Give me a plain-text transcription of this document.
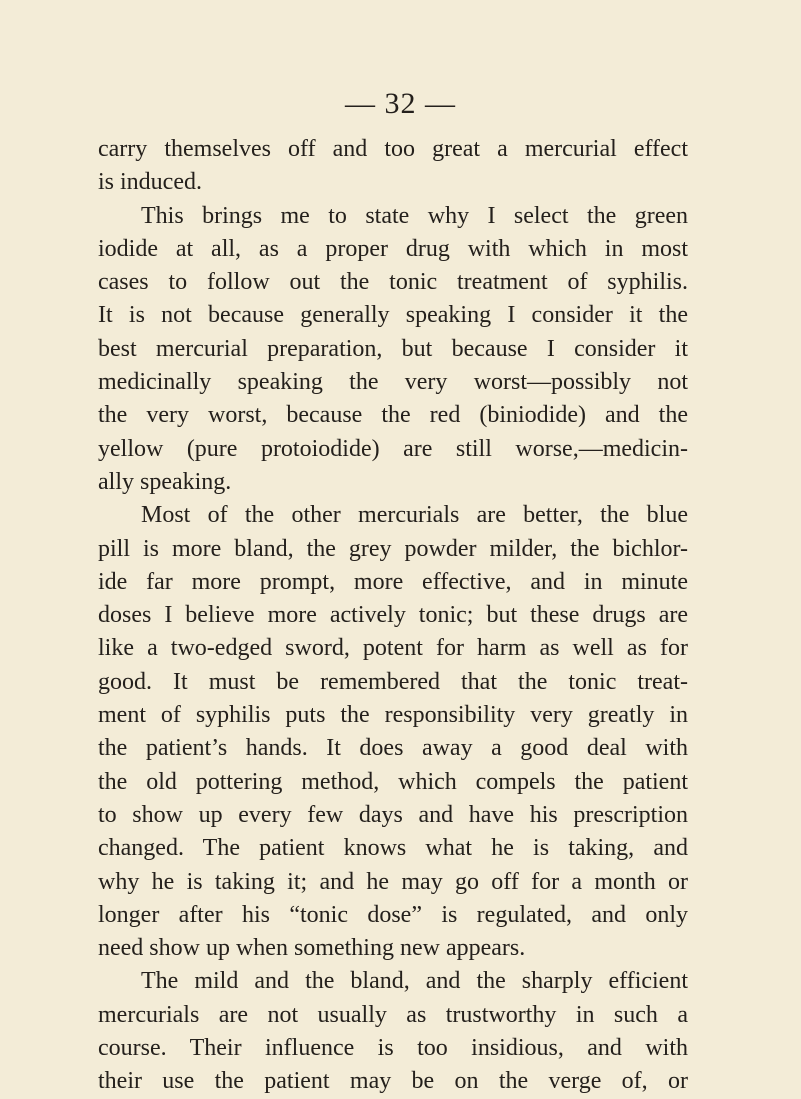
— 32 —
carry themselves off and too great a mercurial effect
is induced.
This brings me to state why I select the green
iodide at all, as a proper drug with which in most
cases to follow out the tonic treatment of syphilis.
It is not because generally speaking I consider it the
best mercurial preparation, but because I consider it
medicinally speaking the very worst—possibly not
the very worst, because the red (biniodide) and the
yellow (pure protoiodide) are still worse,—medicin-
ally speaking.
Most of the other mercurials are better, the blue
pill is more bland, the grey powder milder, the bichlor-
ide far more prompt, more effective, and in minute
doses I believe more actively tonic; but these drugs are
like a two-edged sword, potent for harm as well as for
good. It must be remembered that the tonic treat-
ment of syphilis puts the responsibility very greatly in
the patient’s hands. It does away a good deal with
the old pottering method, which compels the patient
to show up every few days and have his prescription
changed. The patient knows what he is taking, and
why he is taking it; and he may go off for a month or
longer after his “tonic dose” is regulated, and only
need show up when something new appears.
The mild and the bland, and the sharply efficient
mercurials are not usually as trustworthy in such a
course. Their influence is too insidious, and with
their use the patient may be on the verge of, or
